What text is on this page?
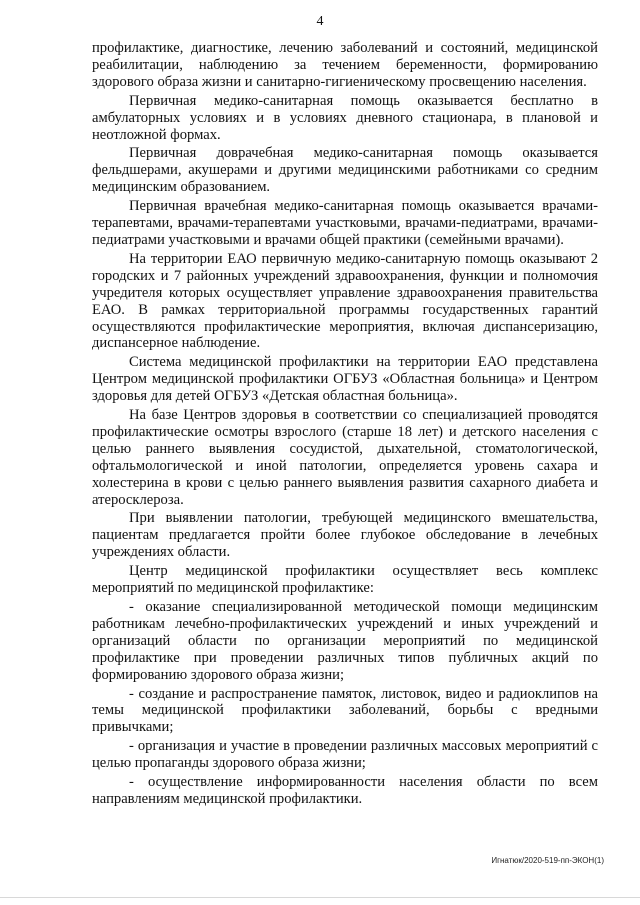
4

профилактике, диагностике, лечению заболеваний и состояний, медицинской реабилитации, наблюдению за течением беременности, формированию здорового образа жизни и санитарно-гигиеническому просвещению населения.

Первичная медико-санитарная помощь оказывается бесплатно в амбулаторных условиях и в условиях дневного стационара, в плановой и неотложной формах.

Первичная доврачебная медико-санитарная помощь оказывается фельдшерами, акушерами и другими медицинскими работниками со средним медицинским образованием.

Первичная врачебная медико-санитарная помощь оказывается врачами-терапевтами, врачами-терапевтами участковыми, врачами-педиатрами, врачами-педиатрами участковыми и врачами общей практики (семейными врачами).

На территории ЕАО первичную медико-санитарную помощь оказывают 2 городских и 7 районных учреждений здравоохранения, функции и полномочия учредителя которых осуществляет управление здравоохранения правительства ЕАО. В рамках территориальной программы государственных гарантий осуществляются профилактические мероприятия, включая диспансеризацию, диспансерное наблюдение.

Система медицинской профилактики на территории ЕАО представлена Центром медицинской профилактики ОГБУЗ «Областная больница» и Центром здоровья для детей ОГБУЗ «Детская областная больница».

На базе Центров здоровья в соответствии со специализацией проводятся профилактические осмотры взрослого (старше 18 лет) и детского населения с целью раннего выявления сосудистой, дыхательной, стоматологической, офтальмологической и иной патологии, определяется уровень сахара и холестерина в крови с целью раннего выявления развития сахарного диабета и атеросклероза.

При выявлении патологии, требующей медицинского вмешательства, пациентам предлагается пройти более глубокое обследование в лечебных учреждениях области.

Центр медицинской профилактики осуществляет весь комплекс мероприятий по медицинской профилактике:

- оказание специализированной методической помощи медицинским работникам лечебно-профилактических учреждений и иных учреждений и организаций области по организации мероприятий по медицинской профилактике при проведении различных типов публичных акций по формированию здорового образа жизни;

- создание и распространение памяток, листовок, видео и радиоклипов на темы медицинской профилактики заболеваний, борьбы с вредными привычками;

- организация и участие в проведении различных массовых мероприятий с целью пропаганды здорового образа жизни;

- осуществление информированности населения области по всем направлениям медицинской профилактики.

Игнатюк/2020-519-пп-ЭКОН(1)
